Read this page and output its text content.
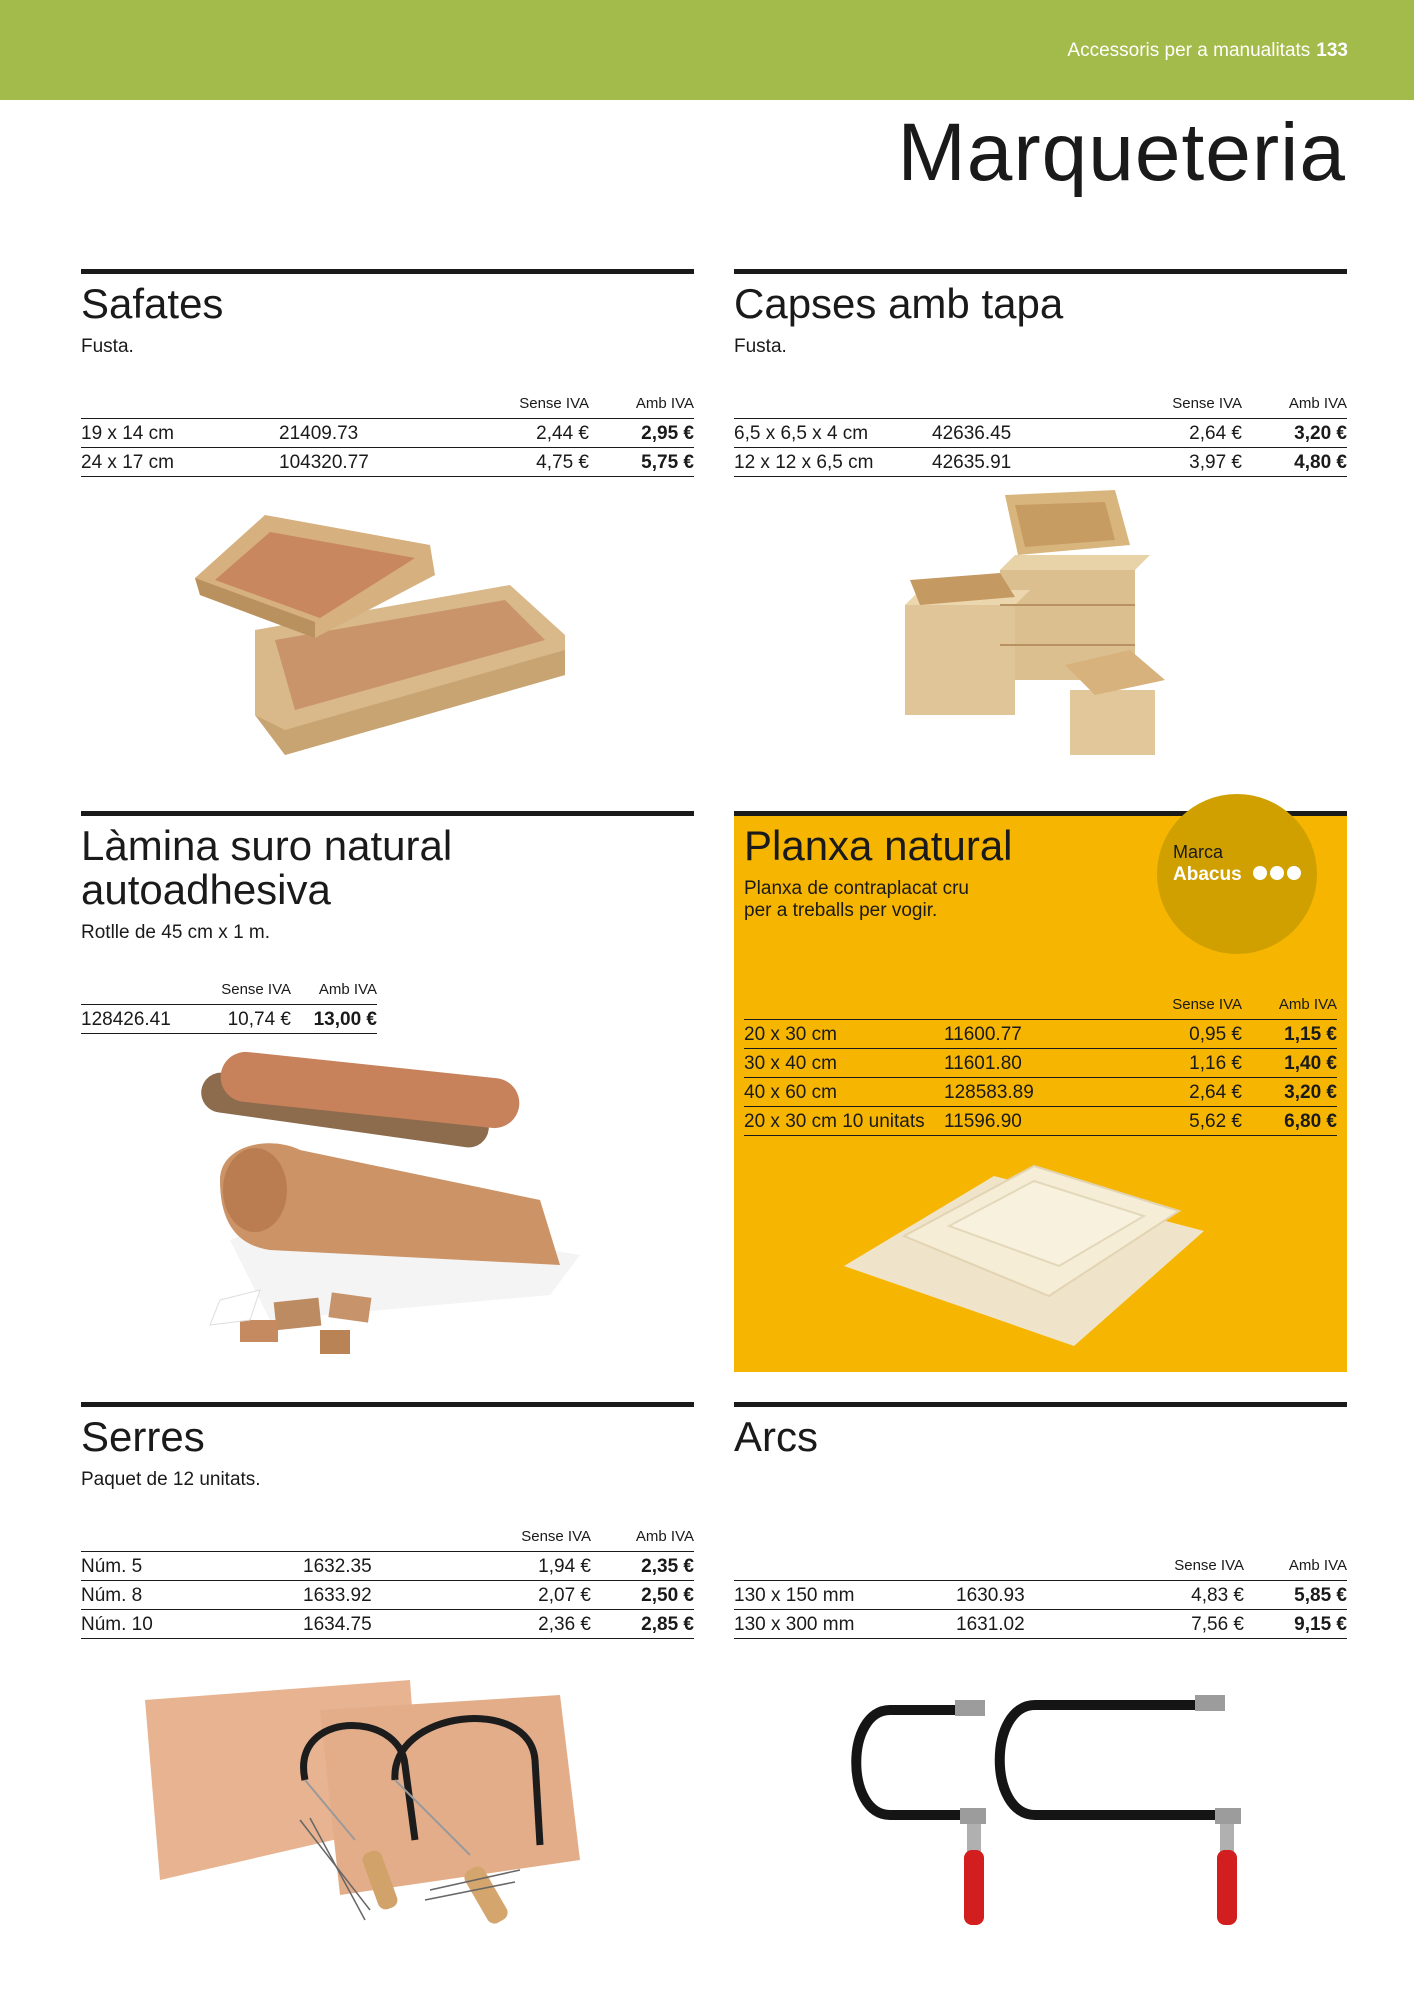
Accessoris per a manualitats 133
Marqueteria
Safates
Fusta.
		Sense IVA	Amb IVA
19 x 14 cm	21409.73	2,44 €	2,95 €
24 x 17 cm	104320.77	4,75 €	5,75 €
Capses amb tapa
Fusta.
		Sense IVA	Amb IVA
6,5 x 6,5 x 4 cm	42636.45	2,64 €	3,20 €
12 x 12 x 6,5 cm	42635.91	3,97 €	4,80 €
Làmina suro natural
autoadhesiva
Rotlle de 45 cm x 1 m.
	Sense IVA	Amb IVA
128426.41	10,74 €	13,00 €
Planxa natural
Planxa de contraplacat cru
per a treballs per vogir.
Marca
Abacus
		Sense IVA	Amb IVA
20 x 30 cm	11600.77	0,95 €	1,15 €
30 x 40 cm	11601.80	1,16 €	1,40 €
40 x 60 cm	128583.89	2,64 €	3,20 €
20 x 30 cm 10 unitats	11596.90	5,62 €	6,80 €
Serres
Paquet de 12 unitats.
		Sense IVA	Amb IVA
Núm. 5	1632.35	1,94 €	2,35 €
Núm. 8	1633.92	2,07 €	2,50 €
Núm. 10	1634.75	2,36 €	2,85 €
Arcs
		Sense IVA	Amb IVA
130 x 150 mm	1630.93	4,83 €	5,85 €
130 x 300 mm	1631.02	7,56 €	9,15 €
